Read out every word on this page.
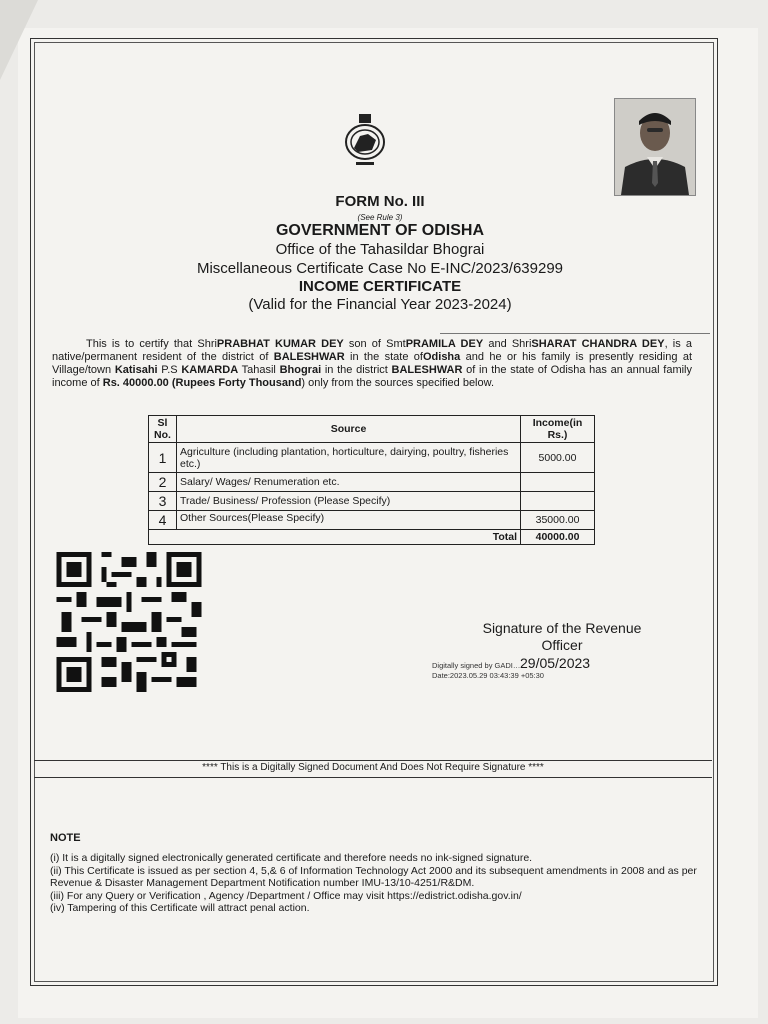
FORM No. III
(See Rule 3)
GOVERNMENT OF ODISHA
Office of the Tahasildar Bhograi
Miscellaneous Certificate Case No E-INC/2023/639299
INCOME CERTIFICATE
(Valid for the Financial Year 2023-2024)
This is to certify that ShriPRABHAT KUMAR DEY son of SmtPRAMILA DEY and ShriSHARAT CHANDRA DEY, is a native/permanent resident of the district of BALESHWAR in the state ofOdisha and he or his family is presently residing at Village/town Katisahi P.S KAMARDA Tahasil Bhograi in the district BALESHWAR of in the state of Odisha has an annual family income of Rs. 40000.00 (Rupees Forty Thousand) only from the sources specified below.
Sl No.	Source	Income(in Rs.)
1	Agriculture (including plantation, horticulture, dairying, poultry, fisheries etc.)	5000.00
2	Salary/ Wages/ Renumeration etc.	
3	Trade/ Business/ Profession (Please Specify)	
4	Other Sources(Please Specify)	35000.00
	Total	40000.00
Signature of the Revenue
Officer
Digitally signed by GADI…
Date:2023.05.29 03:43:39 +05:30
29/05/2023
**** This is a Digitally Signed Document And Does Not Require Signature ****
NOTE
(i) It is a digitally signed electronically generated certificate and therefore needs no ink-signed signature.
(ii) This Certificate is issued as per section 4, 5,& 6 of Information Technology Act 2000 and its subsequent amendments in 2008 and as per Revenue & Disaster Management Department Notification number IMU-13/10-4251/R&DM.
(iii) For any Query or Verification , Agency /Department / Office may visit https://edistrict.odisha.gov.in/
(iv) Tampering of this Certificate will attract penal action.
